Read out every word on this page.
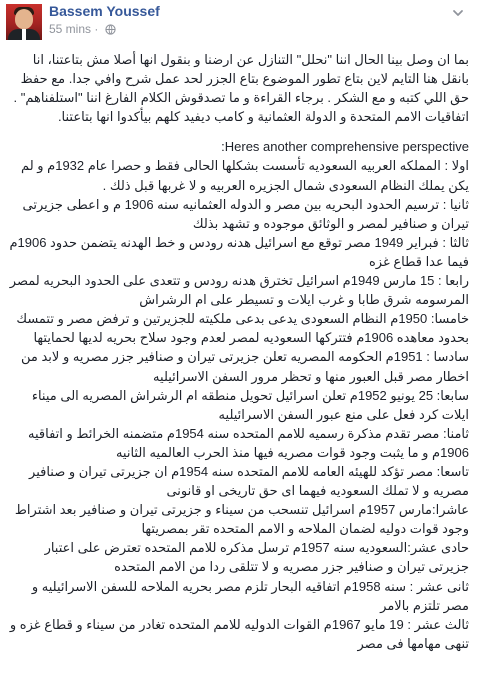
Bassem Youssef
55 mins ·

بما ان وصل بينا الحال اننا "نحلل" التنازل عن ارضنا و بنقول انها أصلا مش بتاعتنا، انا بانقل هنا التايم لاين بتاع تطور الموضوع بتاع الجزر لحد عمل شرح وافي جدا. مع حفظ حق اللي كتبه و مع الشكر . برجاء القراءة و ما تصدقوش الكلام الفارغ اننا "استلفناهم" . اتفاقيات الامم المتحدة و الدولة العثمانية و كامب ديفيد كلهم بيأكدوا انها بتاعتنا.

Heres another comprehensive perspective:
اولا : المملكه العربيه السعوديه تأسست بشكلها الحالى فقط و حصرا عام 1932م و لم يكن يملك النظام السعودى شمال الجزيره العربيه و لا غربها قبل ذلك .
ثانيا : ترسيم الحدود البحريه بين مصر و الدوله العثمانيه سنه 1906 م و اعطى جزيرتى تيران و صنافير لمصر و الوثائق موجوده و تشهد بذلك
ثالثا : فبراير 1949 مصر توقع مع اسرائيل هدنه رودس و خط الهدنه يتضمن حدود 1906م فيما عدا قطاع غزه
رابعا : 15 مارس 1949م اسرائيل تخترق هدنه رودس و تتعدى على الحدود البحريه لمصر المرسومه شرق طابا و غرب ايلات و تسيطر على ام الرشراش
خامسا: 1950م النظام السعودى يدعى بدعى ملكيته للجزيرتين و ترفض مصر و تتمسك بحدود معاهده 1906م فتتركها السعوديه لمصر لعدم وجود سلاح بحريه لديها لحمايتها
سادسا : 1951م الحكومه المصريه تعلن جزيرتى تيران و صنافير جزر مصريه و لابد من اخطار مصر قبل العبور منها و تحظر مرور السفن الاسرائيليه
سابعا: 25 يونيو 1952م تعلن اسرائيل تحويل منطقه ام الرشراش المصريه الى ميناء ايلات كرد فعل على منع عبور السفن الاسرائيليه
ثامنا: مصر تقدم مذكرة رسميه للامم المتحده سنه 1954م متضمنه الخرائط و اتفاقيه 1906م و ما يثبت وجود قوات مصريه فيها منذ الحرب العالميه الثانيه
تاسعا: مصر تؤكد للهيئه العامه للامم المتحده سنه 1954م ان جزيرتى تيران و صنافير مصريه و لا تملك السعوديه فيهما اى حق تاريخى او قانونى
عاشرا:مارس 1957م اسرائيل تنسحب من سيناء و جزيرتى تيران و صنافير بعد اشتراط وجود قوات دوليه لضمان الملاحه و الامم المتحده تقر بمصريتها
حادى عشر:السعوديه سنه 1957م ترسل مذكره للامم المتحده تعترض على اعتبار جزيرتى تيران و صنافير جزر مصريه و لا تتلقى ردا من الامم المتحده
ثانى عشر : سنه 1958م اتفاقيه البحار تلزم مصر بحريه الملاحه للسفن الاسرائيليه و مصر تلتزم بالامر
ثالث عشر : 19 مايو 1967م القوات الدوليه للامم المتحده تغادر من سيناء و قطاع غزه و تنهى مهامها فى مصر
